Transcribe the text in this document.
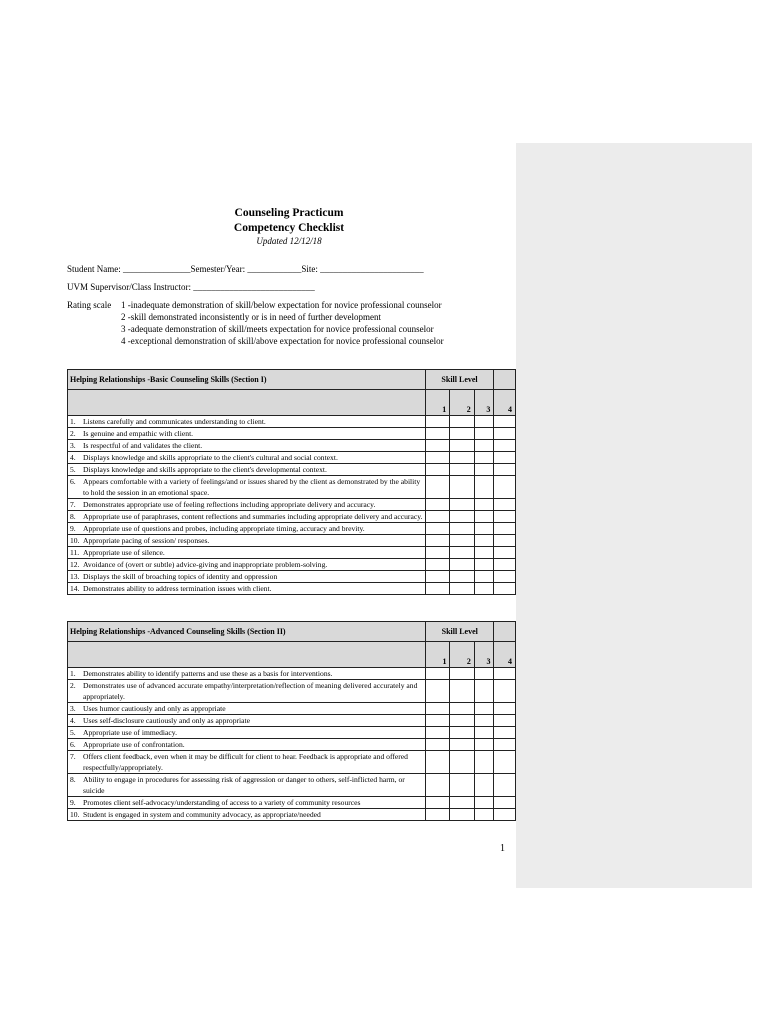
Counseling Practicum
Competency Checklist
Updated 12/12/18
Student Name: _______________Semester/Year: ____________Site: _______________________
UVM Supervisor/Class Instructor: ___________________________
Rating scale 1 -inadequate demonstration of skill/below expectation for novice professional counselor
2 -skill demonstrated inconsistently or is in need of further development
3 -adequate demonstration of skill/meets expectation for novice professional counselor
4 -exceptional demonstration of skill/above expectation for novice professional counselor
Helping Relationships -Basic Counseling Skills (Section I)	Skill Level			
	1	2	3	4

1. Listens carefully and communicates understanding to client.				

2. Is genuine and empathic with client.				

3. Is respectful of and validates the client.				

4. Displays knowledge and skills appropriate to the client's cultural and social context.				

5. Displays knowledge and skills appropriate to the client's developmental context.				

6. Appears comfortable with a variety of feelings/and or issues shared by the client as demonstrated by the ability to hold the session in an emotional space.				

7. Demonstrates appropriate use of feeling reflections including appropriate delivery and accuracy.				

8. Appropriate use of paraphrases, content reflections and summaries including appropriate delivery and accuracy.				

9. Appropriate use of questions and probes, including appropriate timing, accuracy and brevity.				

10. Appropriate pacing of session/ responses.				

11. Appropriate use of silence.				

12. Avoidance of (overt or subtle) advice-giving and inappropriate problem-solving.				

13. Displays the skill of broaching topics of identity and oppression				

14. Demonstrates ability to address termination issues with client.				

Helping Relationships -Advanced Counseling Skills (Section II)	Skill Level			
	1	2	3	4

1. Demonstrates ability to identify patterns and use these as a basis for interventions.				

2. Demonstrates use of advanced accurate empathy/interpretation/reflection of meaning delivered accurately and appropriately.				

3. Uses humor cautiously and only as appropriate				

4. Uses self-disclosure cautiously and only as appropriate				

5. Appropriate use of immediacy.				

6. Appropriate use of confrontation.				

7. Offers client feedback, even when it may be difficult for client to hear. Feedback is appropriate and offered respectfully/appropriately.				

8. Ability to engage in procedures for assessing risk of aggression or danger to others, self-inflicted harm, or suicide				

9. Promotes client self-advocacy/understanding of access to a variety of community resources				

10. Student is engaged in system and community advocacy, as appropriate/needed				

1
